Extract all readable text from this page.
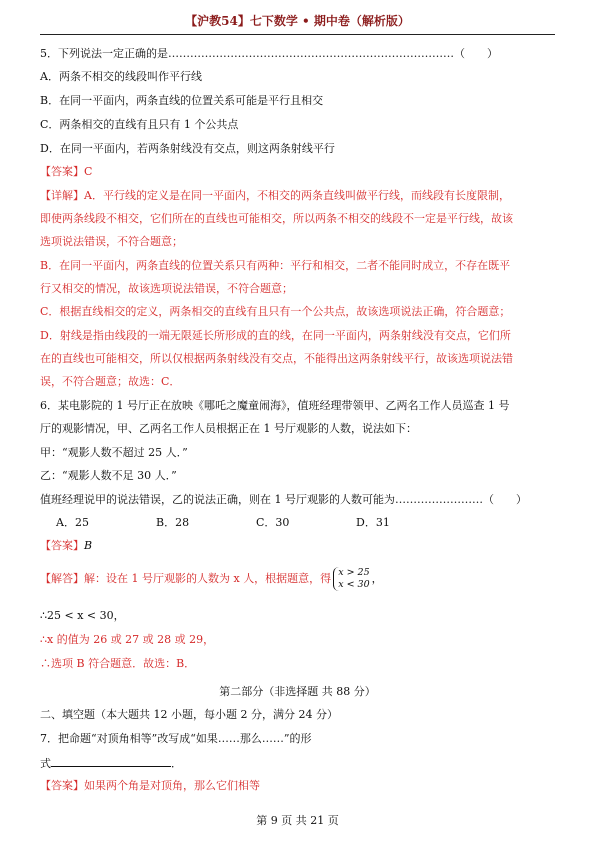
【沪教54】七下数学 • 期中卷（解析版）
5．下列说法一定正确的是……………………………………………………………………（　　）
A．两条不相交的线段叫作平行线
B．在同一平面内，两条直线的位置关系可能是平行且相交
C．两条相交的直线有且只有 1 个公共点
D．在同一平面内，若两条射线没有交点，则这两条射线平行
【答案】C
【详解】A．平行线的定义是在同一平面内，不相交的两条直线叫做平行线，而线段有长度限制，
即使两条线段不相交，它们所在的直线也可能相交，所以两条不相交的线段不一定是平行线，故该
选项说法错误，不符合题意；
B．在同一平面内，两条直线的位置关系只有两种：平行和相交，二者不能同时成立，不存在既平
行又相交的情况，故该选项说法错误，不符合题意；
C．根据直线相交的定义，两条相交的直线有且只有一个公共点，故该选项说法正确，符合题意；
D．射线是指由线段的一端无限延长所形成的直的线，在同一平面内，两条射线没有交点，它们所
在的直线也可能相交，所以仅根据两条射线没有交点，不能得出这两条射线平行，故该选项说法错
误，不符合题意；故选：C．
6．某电影院的 1 号厅正在放映《哪吒之魔童闹海》，值班经理带领甲、乙两名工作人员巡查 1 号
厅的观影情况，甲、乙两名工作人员根据正在 1 号厅观影的人数，说法如下：
甲：“观影人数不超过 25 人．”
乙：“观影人数不足 30 人．”
值班经理说甲的说法错误，乙的说法正确，则在 1 号厅观影的人数可能为……………………（　　）
A．25	B．28	C．30	D．31
【答案】B
【解答】解：设在 1 号厅观影的人数为 x 人，根据题意，得 x > 25
x < 30 ，
∴25 < x < 30，
∴x 的值为 26 或 27 或 28 或 29，
∴选项 B 符合题意．故选：B．
第二部分（非选择题 共 88 分）
二、填空题（本大题共 12 小题，每小题 2 分，满分 24 分）
7．把命题“对顶角相等”改写成“如果……那么……”的形
式	．
【答案】如果两个角是对顶角，那么它们相等
第 9 页 共 21 页
